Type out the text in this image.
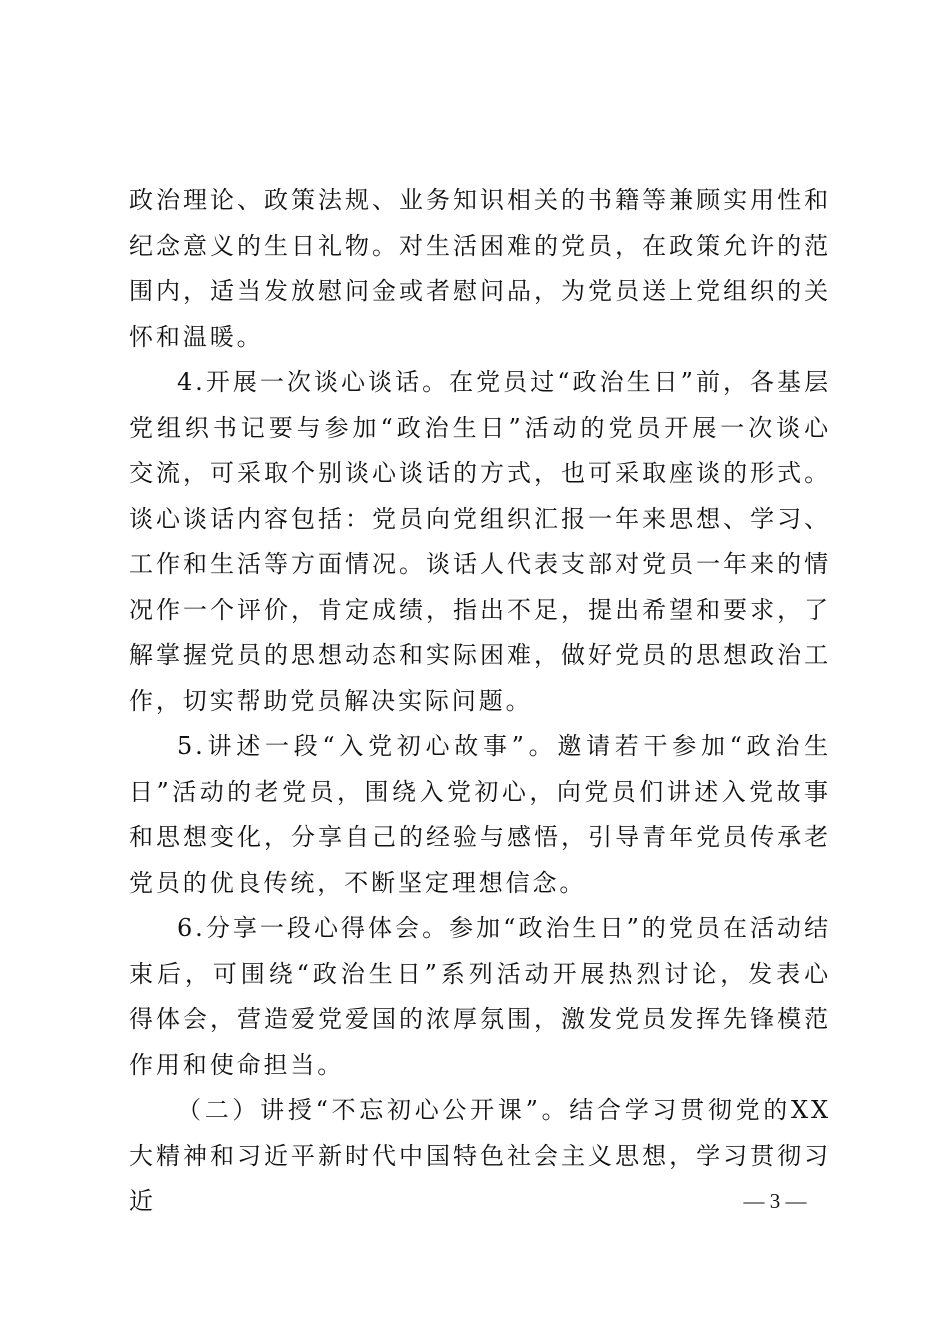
政治理论、政策法规、业务知识相关的书籍等兼顾实用性和纪念意义的生日礼物。对生活困难的党员，在政策允许的范围内，适当发放慰问金或者慰问品，为党员送上党组织的关怀和温暖。

4.开展一次谈心谈话。在党员过“政治生日”前，各基层党组织书记要与参加“政治生日”活动的党员开展一次谈心交流，可采取个别谈心谈话的方式，也可采取座谈的形式。谈心谈话内容包括：党员向党组织汇报一年来思想、学习、工作和生活等方面情况。谈话人代表支部对党员一年来的情况作一个评价，肯定成绩，指出不足，提出希望和要求，了解掌握党员的思想动态和实际困难，做好党员的思想政治工作，切实帮助党员解决实际问题。

5.讲述一段“入党初心故事”。邀请若干参加“政治生日”活动的老党员，围绕入党初心，向党员们讲述入党故事和思想变化，分享自己的经验与感悟，引导青年党员传承老党员的优良传统，不断坚定理想信念。

6.分享一段心得体会。参加“政治生日”的党员在活动结束后，可围绕“政治生日”系列活动开展热烈讨论，发表心得体会，营造爱党爱国的浓厚氛围，激发党员发挥先锋模范作用和使命担当。

（二）讲授“不忘初心公开课”。结合学习贯彻党的XX大精神和习近平新时代中国特色社会主义思想，学习贯彻习近	— 3 —
